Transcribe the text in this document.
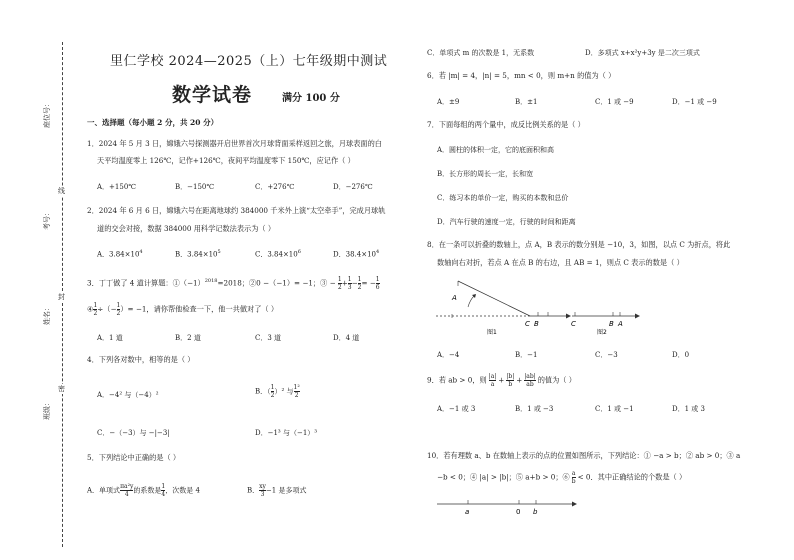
座位号：
考号：
姓名：
班级：
线
封
密
里仁学校 2024—2025（上）七年级期中测试
数学试卷	满分 100 分
一、选择题（每小题 2 分，共 20 分）
1．2024 年 5 月 3 日，嫦娥六号探测器开启世界首次月球背面采样返回之旅，月球表面的白
天平均温度零上 126℃，记作+126℃，夜间平均温度零下 150℃，应记作（ ）
A．+150℃	B．−150℃	C．+276℃	D．−276℃
2．2024 年 6 月 6 日，嫦娥六号在距离地球约 384000 千米外上演“太空牵手”，完成月球轨
道的交会对接，数据 384000 用科学记数法表示为（ ）
A．$3.84\times 10^4$	B．$3.84\times 10^5$	C．$3.84\times 10^6$	D．$38.4\times 10^4$
3．丁丁做了 4 道计算题：$①(-1)^{2018}=2018$；②0 −（−1）= −1；③ − $\frac{1}{2} + \frac{1}{3} - \frac{1}{2}$ = − $\frac{1}{6}$
④ $\frac{1}{2}$ ÷（− $\frac{1}{2}$ ）= −1，请你帮他检查一下，他一共做对了（ ）
A．1 道	B．2 道	C．3 道	D．4 道
4．下列各对数中，相等的是（ ）
A．−4² 与（−4）²	B．（ $\frac{1}{2} )^2$ 与 $\frac{\text{1²}}{2}$
C．−（−3）与 −|−3|	D．−1³ 与（−1）³
5．下列结论中正确的是（ ）
A．单项式 $\frac{\text{πa²y}}{4}$ 的系数是 $\frac{1}{4}$ ，次数是 4	B． $\frac{xy}{3} -1$ 是多项式
C．单项式 m 的次数是 1，无系数	D．多项式 x+x²y+3y 是二次三项式
6．若 |m| = 4，|n| = 5，mn < 0，则 m+n 的值为（ ）
A．±9	B．±1	C．1 或 −9	D．−1 或 −9
7．下面每组的两个量中，成反比例关系的是（ ）
A．圆柱的体积一定，它的底面积和高
B．长方形的周长一定，长和宽
C．练习本的单价一定，购买的本数和总价
D．汽车行驶的速度一定，行驶的时间和距离
8．在一条可以折叠的数轴上，点 A，B 表示的数分别是 −10，3，如图，以点 C 为折点，将此
数轴向右对折，若点 A 在点 B 的右边，且 AB = 1，则点 C 表示的数是（ ）
A
C B
图1
C	B A
图2
A．−4	B．−1	C．−3	D．0
9．若 ab > 0，则 $\frac{|a|}{a} + \frac{|b|}{b} + \frac{|ab|}{ab}$ 的值为（ ）
A．−1 或 3	B．1 或 −3	C．1 或 −1	D．1 或 3
10．若有理数 a、b 在数轴上表示的点的位置如图所示，下列结论：① −a > b；② ab > 0；③ a
−b < 0；④ |a| > |b|；⑤ a+b > 0；⑥ $\frac{a}{b} < 0$．其中正确结论的个数是（ ）
a	0 b
